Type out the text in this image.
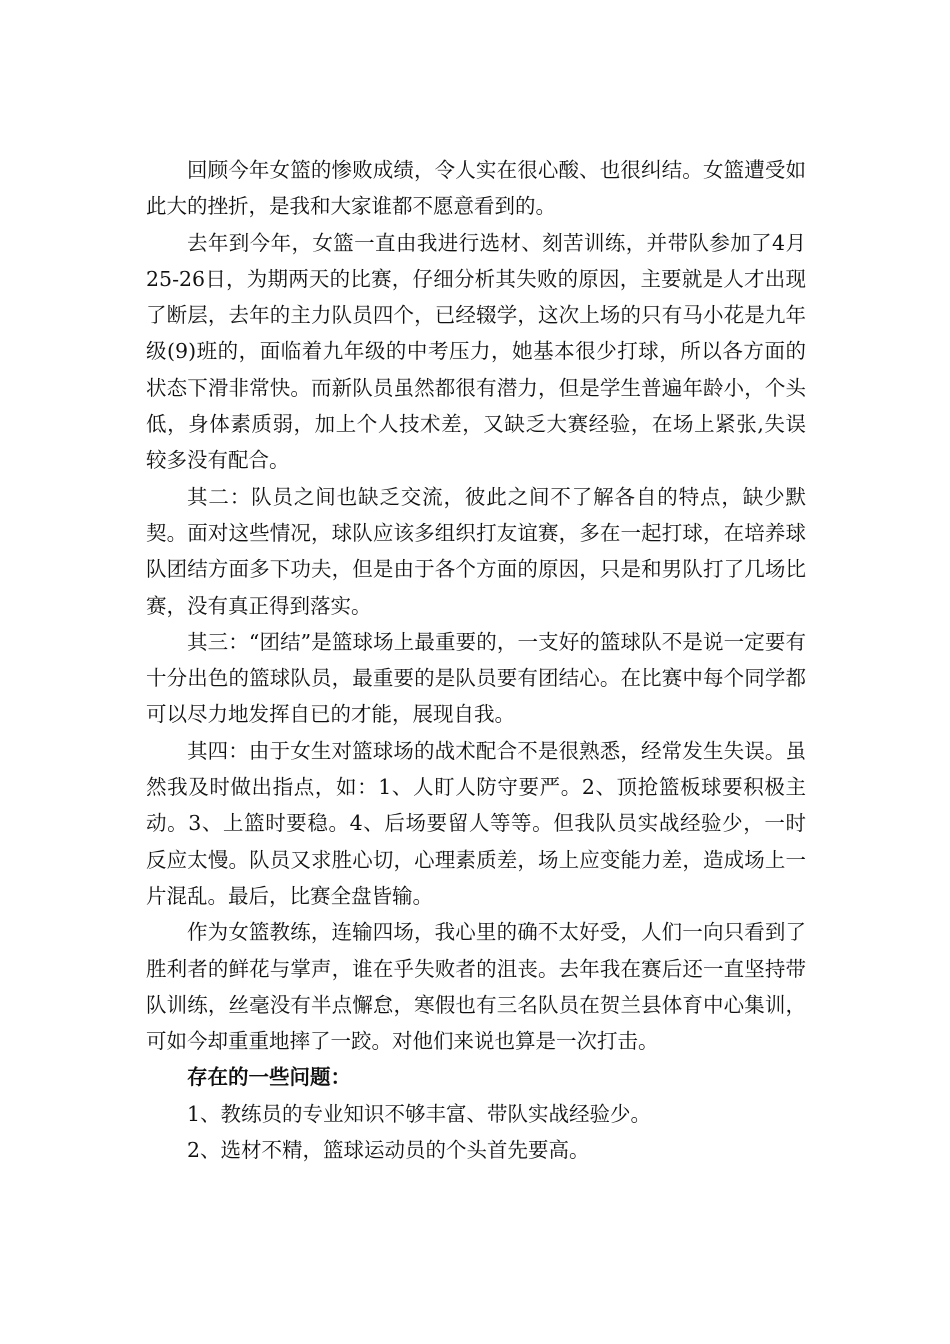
回顾今年女篮的惨败成绩，令人实在很心酸、也很纠结。女篮遭受如此大的挫折，是我和大家谁都不愿意看到的。

去年到今年，女篮一直由我进行选材、刻苦训练，并带队参加了4月25-26日，为期两天的比赛，仔细分析其失败的原因，主要就是人才出现了断层，去年的主力队员四个，已经辍学，这次上场的只有马小花是九年级(9)班的，面临着九年级的中考压力，她基本很少打球，所以各方面的状态下滑非常快。而新队员虽然都很有潜力，但是学生普遍年龄小，个头低，身体素质弱，加上个人技术差，又缺乏大赛经验，在场上紧张,失误较多没有配合。

其二：队员之间也缺乏交流，彼此之间不了解各自的特点，缺少默契。面对这些情况，球队应该多组织打友谊赛，多在一起打球，在培养球队团结方面多下功夫，但是由于各个方面的原因，只是和男队打了几场比赛，没有真正得到落实。

其三：“团结”是篮球场上最重要的，一支好的篮球队不是说一定要有十分出色的篮球队员，最重要的是队员要有团结心。在比赛中每个同学都可以尽力地发挥自已的才能，展现自我。

其四：由于女生对篮球场的战术配合不是很熟悉，经常发生失误。虽然我及时做出指点，如：1、人盯人防守要严。2、顶抢篮板球要积极主动。3、上篮时要稳。4、后场要留人等等。但我队员实战经验少，一时反应太慢。队员又求胜心切，心理素质差，场上应变能力差，造成场上一片混乱。最后，比赛全盘皆输。

作为女篮教练，连输四场，我心里的确不太好受，人们一向只看到了胜利者的鲜花与掌声，谁在乎失败者的沮丧。去年我在赛后还一直坚持带队训练，丝毫没有半点懈怠，寒假也有三名队员在贺兰县体育中心集训，可如今却重重地摔了一跤。对他们来说也算是一次打击。

存在的一些问题：

1、教练员的专业知识不够丰富、带队实战经验少。

2、选材不精，篮球运动员的个头首先要高。
